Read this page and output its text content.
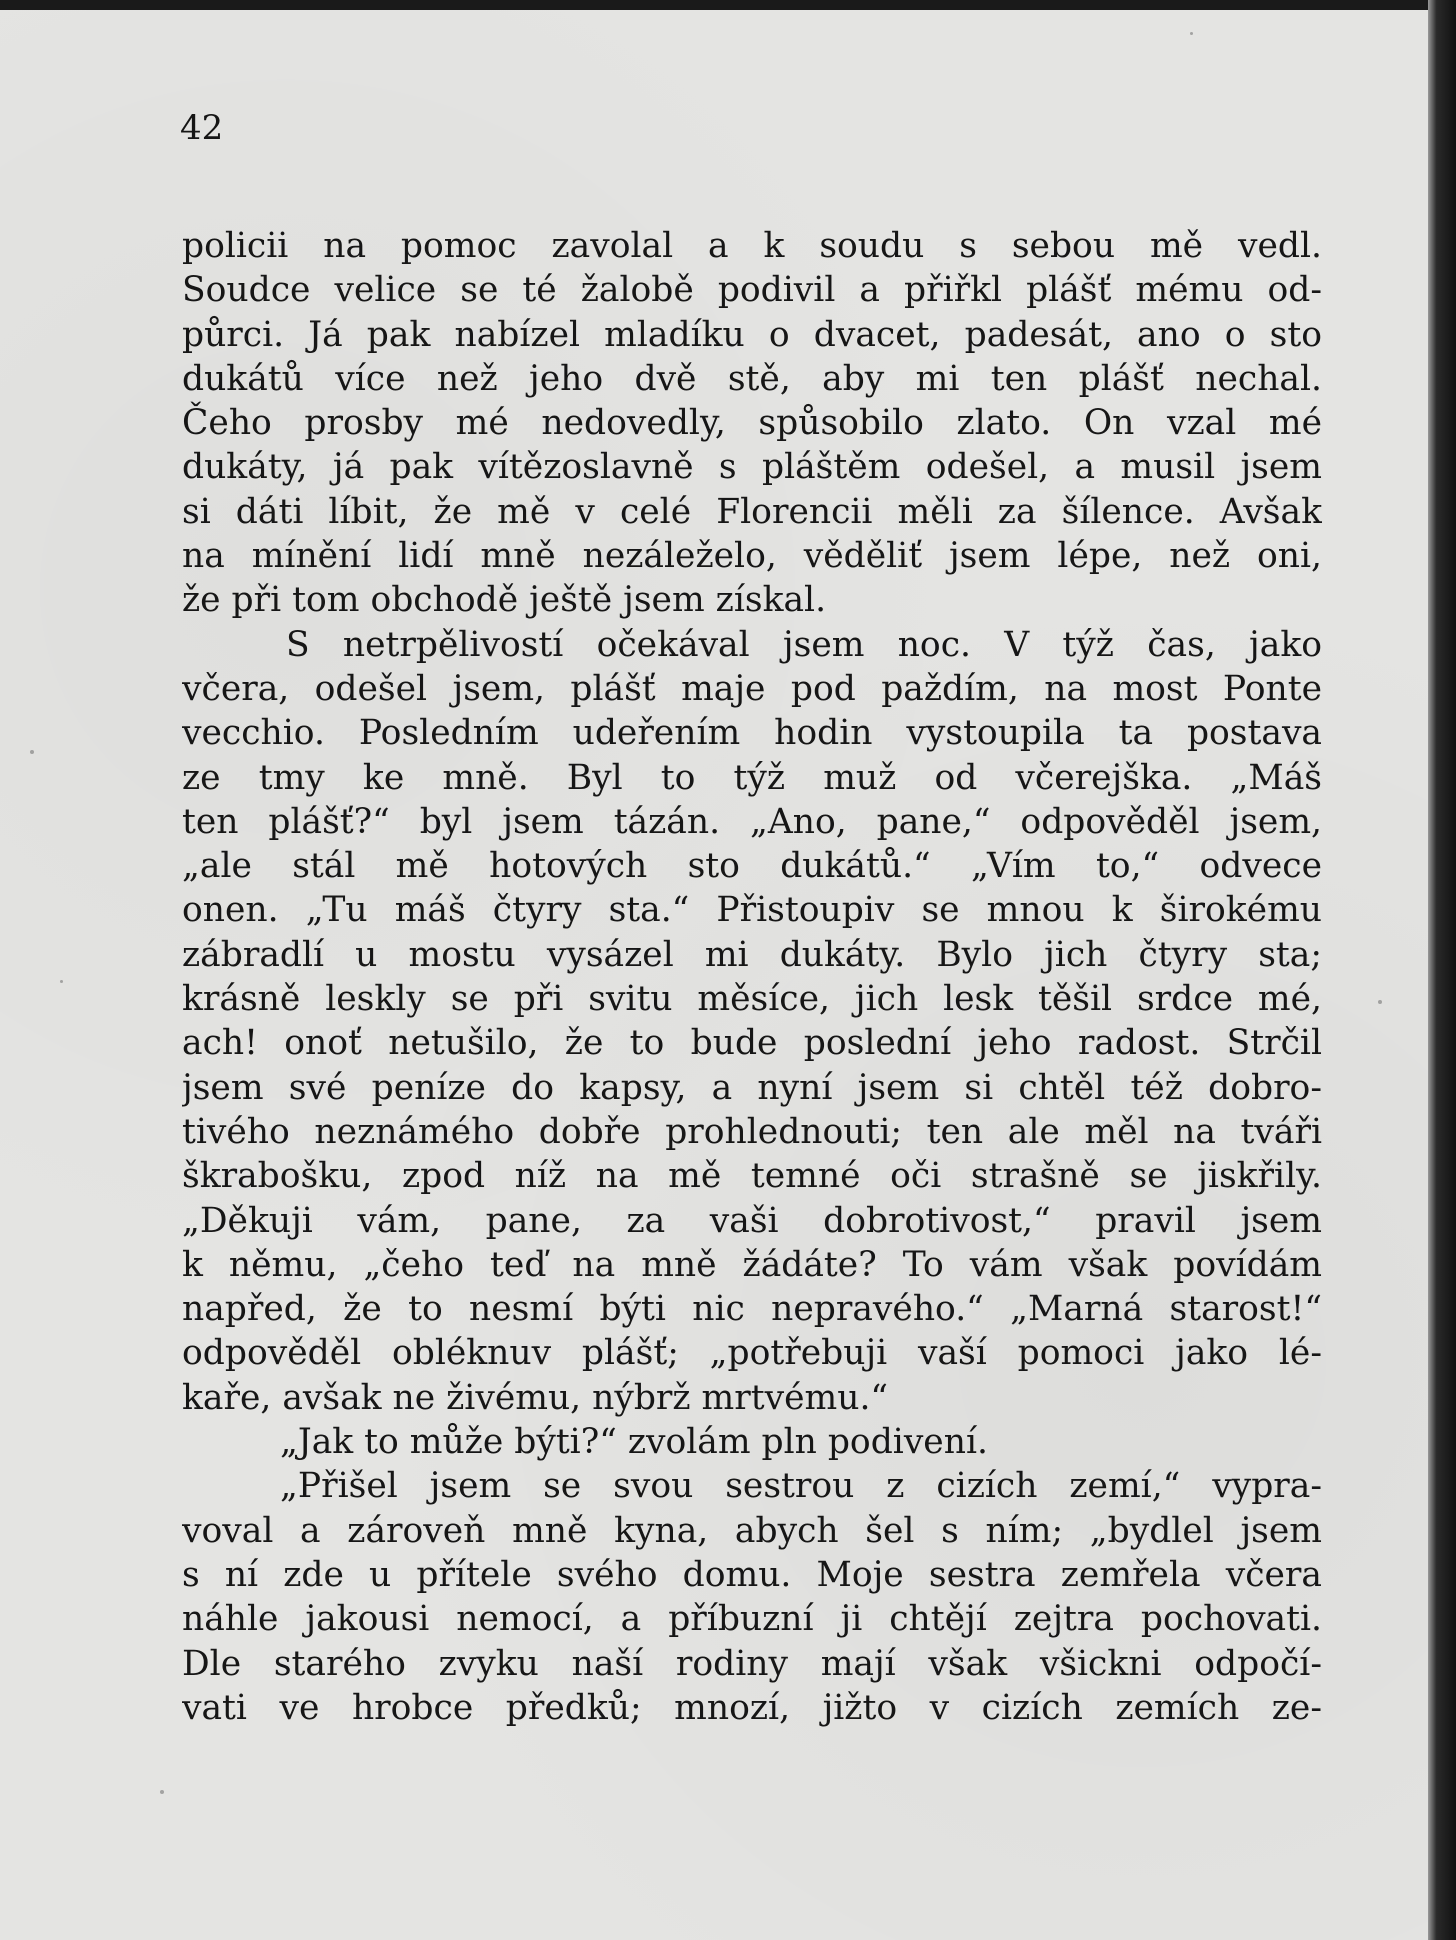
42
policii na pomoc zavolal a k soudu s sebou mě vedl.
Soudce velice se té žalobě podivil a přiřkl plášť mému od-
půrci. Já pak nabízel mladíku o dvacet, padesát, ano o sto
dukátů více než jeho dvě stě, aby mi ten plášť nechal.
Čeho prosby mé nedovedly, spůsobilo zlato. On vzal mé
dukáty, já pak vítězoslavně s pláštěm odešel, a musil jsem
si dáti líbit, že mě v celé Florencii měli za šílence. Avšak
na mínění lidí mně nezáleželo, věděliť jsem lépe, než oni,
že při tom obchodě ještě jsem získal.
S netrpělivostí očekával jsem noc. V týž čas, jako
včera, odešel jsem, plášť maje pod paždím, na most Ponte
vecchio. Posledním udeřením hodin vystoupila ta postava
ze tmy ke mně. Byl to týž muž od včerejška. „Máš
ten plášť?“ byl jsem tázán. „Ano, pane,“ odpověděl jsem,
„ale stál mě hotových sto dukátů.“ „Vím to,“ odvece
onen. „Tu máš čtyry sta.“ Přistoupiv se mnou k širokému
zábradlí u mostu vysázel mi dukáty. Bylo jich čtyry sta;
krásně leskly se při svitu měsíce, jich lesk těšil srdce mé,
ach! onoť netušilo, že to bude poslední jeho radost. Strčil
jsem své peníze do kapsy, a nyní jsem si chtěl též dobro-
tivého neznámého dobře prohlednouti; ten ale měl na tváři
škrabošku, zpod níž na mě temné oči strašně se jiskřily.
„Děkuji vám, pane, za vaši dobrotivost,“ pravil jsem
k němu, „čeho teď na mně žádáte? To vám však povídám
napřed, že to nesmí býti nic nepravého.“ „Marná starost!“
odpověděl obléknuv plášť; „potřebuji vaší pomoci jako lé-
kaře, avšak ne živému, nýbrž mrtvému.“
„Jak to může býti?“ zvolám pln podivení.
„Přišel jsem se svou sestrou z cizích zemí,“ vypra-
voval a zároveň mně kyna, abych šel s ním; „bydlel jsem
s ní zde u přítele svého domu. Moje sestra zemřela včera
náhle jakousi nemocí, a příbuzní ji chtějí zejtra pochovati.
Dle starého zvyku naší rodiny mají však všickni odpočí-
vati ve hrobce předků; mnozí, jižto v cizích zemích ze-
